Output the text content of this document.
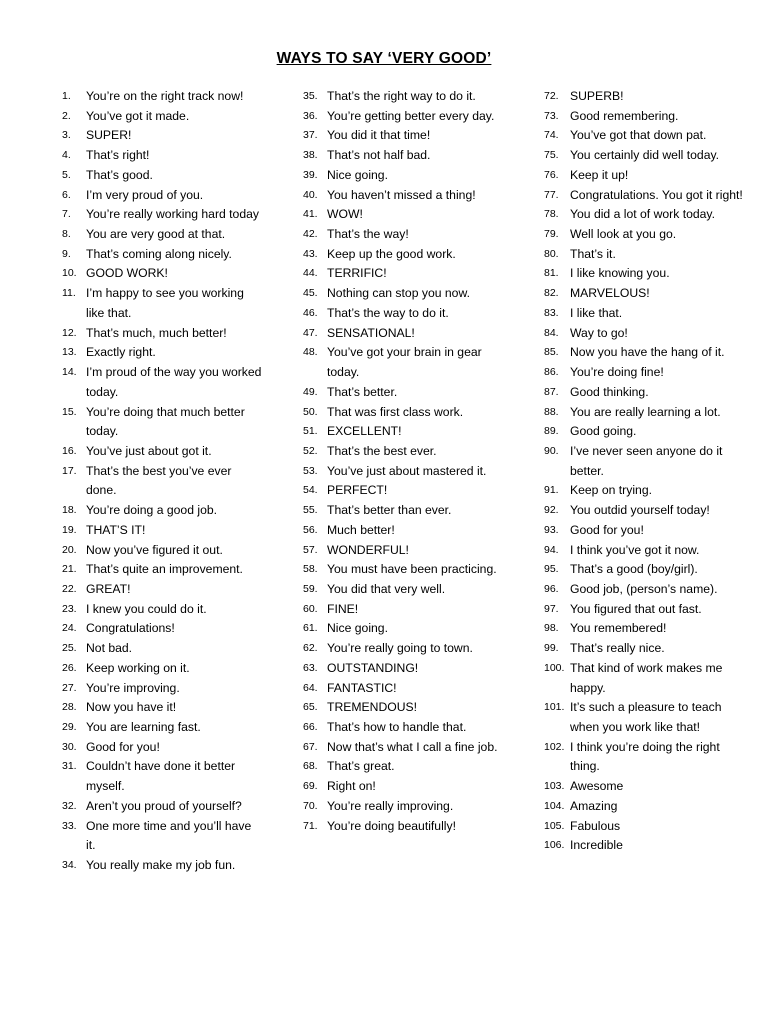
WAYS TO SAY ‘VERY GOOD’
1.	You’re on the right track now!
2.	You’ve got it made.
3.	SUPER!
4.	That’s right!
5.	That’s good.
6.	I’m very proud of you.
7.	You’re really working hard today
8.	You are very good at that.
9.	That’s coming along nicely.
10. GOOD WORK!
11. I’m happy to see you working like that.
12. That’s much, much better!
13. Exactly right.
14. I’m proud of the way you worked today.
15. You’re doing that much better today.
16. You’ve just about got it.
17. That’s the best you’ve ever done.
18. You’re doing a good job.
19. THAT’S IT!
20. Now you’ve figured it out.
21. That’s quite an improvement.
22. GREAT!
23. I knew you could do it.
24. Congratulations!
25. Not bad.
26. Keep working on it.
27. You’re improving.
28. Now you have it!
29. You are learning fast.
30. Good for you!
31. Couldn’t have done it better myself.
32. Aren’t you proud of yourself?
33. One more time and you’ll have it.
34. You really make my job fun.
35. That’s the right way to do it.
36. You’re getting better every day.
37. You did it that time!
38. That’s not half bad.
39. Nice going.
40. You haven’t missed a thing!
41. WOW!
42. That’s the way!
43. Keep up the good work.
44. TERRIFIC!
45. Nothing can stop you now.
46. That’s the way to do it.
47. SENSATIONAL!
48. You’ve got your brain in gear today.
49. That’s better.
50. That was first class work.
51. EXCELLENT!
52. That’s the best ever.
53. You’ve just about mastered it.
54. PERFECT!
55. That’s better than ever.
56. Much better!
57. WONDERFUL!
58. You must have been practicing.
59. You did that very well.
60. FINE!
61. Nice going.
62. You’re really going to town.
63. OUTSTANDING!
64. FANTASTIC!
65. TREMENDOUS!
66. That’s how to handle that.
67. Now that’s what I call a fine job.
68. That’s great.
69. Right on!
70. You’re really improving.
71. You’re doing beautifully!
72. SUPERB!
73. Good remembering.
74. You’ve got that down pat.
75. You certainly did well today.
76. Keep it up!
77. Congratulations. You got it right!
78. You did a lot of work today.
79. Well look at you go.
80. That’s it.
81. I like knowing you.
82. MARVELOUS!
83. I like that.
84. Way to go!
85. Now you have the hang of it.
86. You’re doing fine!
87. Good thinking.
88. You are really learning a lot.
89. Good going.
90. I’ve never seen anyone do it better.
91. Keep on trying.
92. You outdid yourself today!
93. Good for you!
94. I think you’ve got it now.
95. That’s a good (boy/girl).
96. Good job, (person’s name).
97. You figured that out fast.
98. You remembered!
99. That’s really nice.
100. That kind of work makes me happy.
101. It’s such a pleasure to teach when you work like that!
102. I think you’re doing the right thing.
103. Awesome
104. Amazing
105. Fabulous
106. Incredible
